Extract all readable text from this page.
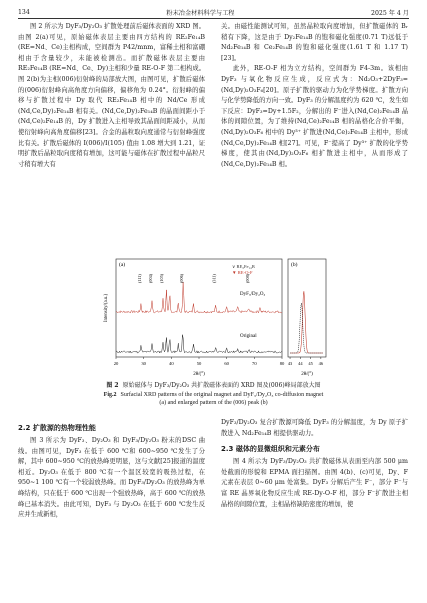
134	粉末冶金材料科学与工程	2025 年 4 月

图 2 所示为 DyF₃/Dy₂O₃ 扩散处理前后磁体表面的 XRD 图。由图 2(a)可见，原始磁体表层主要由四方结构的 RE₂Fe₁₄B (RE=Nd、Ce)主相构成，空间群为 P42/mnm，富稀土相和富硼相由于含量较少，未能被检测出。而扩散磁体表层主要由 RE₂Fe₁₄B (RE=Nd、Ce、Dy)主相和少量 RE-O-F 第二相构成。图 2(b)为主相(006)衍射峰的局部放大图，由图可见，扩散后磁体的(006)衍射峰向高角度方向偏移，偏移角为 0.24°。衍射峰的偏移与扩散过程中 Dy 取代 RE₂Fe₁₄B 相中的 Nd/Ce 形成(Nd,Ce,Dy)₂Fe₁₄B 相有关。(Nd,Ce,Dy)₂Fe₁₄B 的晶面间距小于(Nd,Ce)₂Fe₁₄B 的，Dy 扩散进入主相导致其晶面间距减小，从而使衍射峰向高角度偏移[23]。合金的晶粒取向度通常与衍射峰强度比有关。扩散后磁体的 I(006)/I(105) 值由 1.08 增大到 1.21，证明扩散后晶粒取向度稍有增加，这可能与磁体在扩散过程中晶粒尺寸稍有增大有

关。由磁性能测试可知，虽然晶粒取向度增加，但扩散磁体的 Bᵣ 稍有下降，这是由于 Dy₂Fe₁₄B 的饱和磁化强度(0.71 T)远低于 Nd₂Fe₁₄B 和 Ce₂Fe₁₄B 的饱和磁化强度(1.61 T 和 1.17 T)[23]。

此外，RE-O-F 相为立方结构，空间群为 F4-3m。该相由 DyF₃ 与氧化物反应生成，反应式为：Nd₂O₃+2DyF₃=(Nd,Dy)₂O₃F₆[20]。原子扩散的驱动力为化学势梯度。扩散方向与化学势降低的方向一致。DyF₃ 的分解温度约为 620 ℃，发生如下反应：DyF₃=Dy+1.5F₂，分解出的 F⁻进入(Nd,Ce)₂Fe₁₄B 晶体的间隙位置，为了维持(Nd,Ce)₂Fe₁₄B 相的晶格化合价平衡，(Nd,Dy)₂O₃F₆ 相中的 Dy³⁺ 扩散进(Nd,Ce)₂Fe₁₄B 主相中，形成(Nd,Ce,Dy)₂Fe₁₄B 相[27]。可见，F⁻提高了 Dy³⁺ 扩散的化学势梯度，使其由(Nd,Dy)₂O₃F₆ 相扩散进主相中，从而形成了(Nd,Ce,Dy)₂Fe₁₄B 相。

(111) (004) (105)	(006)	(311)	(008)
20	30	40	50	60	70	80 43 44 45 46
(a)	(b)
∨ RE₂Fe₁₄B
▼ RE-O-F
DyF₃/Dy₂O₃
Original
2θ/(°)	2θ/(°)
Intensity/(a.u.)
图 2 原始磁体与 DyF₃/Dy₂O₃ 共扩散磁体表面的 XRD 图及(006)峰局部放大图
Fig.2 Surfacial XRD patterns of the original magnet and DyF₃/Dy₂O₃ co-diffusion magnet
(a) and enlarged pattern of the (006) peak (b)
2.2 扩散源的热物理性能

图 3 所示为 DyF₃、Dy₂O₃ 和 DyF₃/Dy₂O₃ 粉末的DSC 曲线。由图可见，DyF₃ 在低于 600 ℃和 600~950 ℃发生了分解，其中 600~950 ℃的放热峰更明显，这与文献[25]报道的温度相近。Dy₂O₃ 在低于 800 ℃有一个温区较宽的吸热过程，在 950~1 100 ℃有一个较弱放热峰。而 DyF₃/Dy₂O₃ 的放热峰为单峰结构，只在低于 600 ℃出现一个强放热峰，高于 600 ℃的放热峰已基本消失。由此可知，DyF₃ 与 Dy₂O₃ 在低于 600 ℃发生反应并生成新相，

DyF₃/Dy₂O₃ 复合扩散源可降低 DyF₃ 的分解温度，为 Dy 原子扩散进入 Nd₂Fe₁₄B 相提供驱动力。

2.3 磁体的显微组织和元素分布

图 4 所示为 DyF₃/Dy₂O₃ 共扩散磁体从表面至内部 500 μm 处截面的形貌和 EPMA 面扫描图。由图 4(b)、(c)可见，Dy、F 元素在表层 0~60 μm 处富集。DyF₃ 分解后产生 F⁻，部分 F⁻与富 RE 晶界氧化物反应生成 RE-Dy-O-F 相，部分 F⁻扩散进主相晶格的间隙位置，主相晶格缺陷密度的增加，使
